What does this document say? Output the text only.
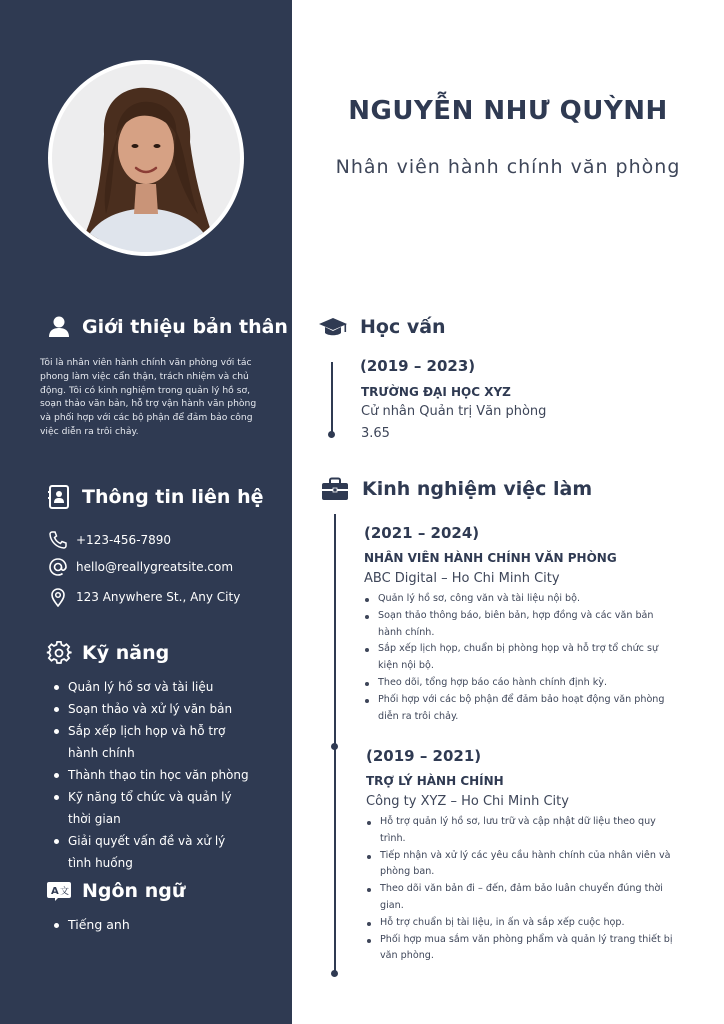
Giới thiệu bản thân
Tôi là nhân viên hành chính văn phòng với tác phong làm việc cẩn thận, trách nhiệm và chủ động. Tôi có kinh nghiệm trong quản lý hồ sơ, soạn thảo văn bản, hỗ trợ vận hành văn phòng và phối hợp với các bộ phận để đảm bảo công việc diễn ra trôi chảy.
Thông tin liên hệ
+123-456-7890
hello@reallygreatsite.com
123 Anywhere St., Any City
Kỹ năng
Quản lý hồ sơ và tài liệu
Soạn thảo và xử lý văn bản
Sắp xếp lịch họp và hỗ trợ hành chính
Thành thạo tin học văn phòng
Kỹ năng tổ chức và quản lý thời gian
Giải quyết vấn đề và xử lý tình huống
A 文 Ngôn ngữ
Tiếng anh
NGUYỄN NHƯ QUỲNH
Nhân viên hành chính văn phòng
Học vấn
(2019 – 2023)
TRƯỜNG ĐẠI HỌC XYZ
Cử nhân Quản trị Văn phòng
3.65
Kinh nghiệm việc làm
(2021 – 2024)
NHÂN VIÊN HÀNH CHÍNH VĂN PHÒNG
ABC Digital – Ho Chi Minh City
Quản lý hồ sơ, công văn và tài liệu nội bộ.
Soạn thảo thông báo, biên bản, hợp đồng và các văn bản hành chính.
Sắp xếp lịch họp, chuẩn bị phòng họp và hỗ trợ tổ chức sự kiện nội bộ.
Theo dõi, tổng hợp báo cáo hành chính định kỳ.
Phối hợp với các bộ phận để đảm bảo hoạt động văn phòng diễn ra trôi chảy.
(2019 – 2021)
TRỢ LÝ HÀNH CHÍNH
Công ty XYZ – Ho Chi Minh City
Hỗ trợ quản lý hồ sơ, lưu trữ và cập nhật dữ liệu theo quy trình.
Tiếp nhận và xử lý các yêu cầu hành chính của nhân viên và phòng ban.
Theo dõi văn bản đi – đến, đảm bảo luân chuyển đúng thời gian.
Hỗ trợ chuẩn bị tài liệu, in ấn và sắp xếp cuộc họp.
Phối hợp mua sắm văn phòng phẩm và quản lý trang thiết bị văn phòng.
